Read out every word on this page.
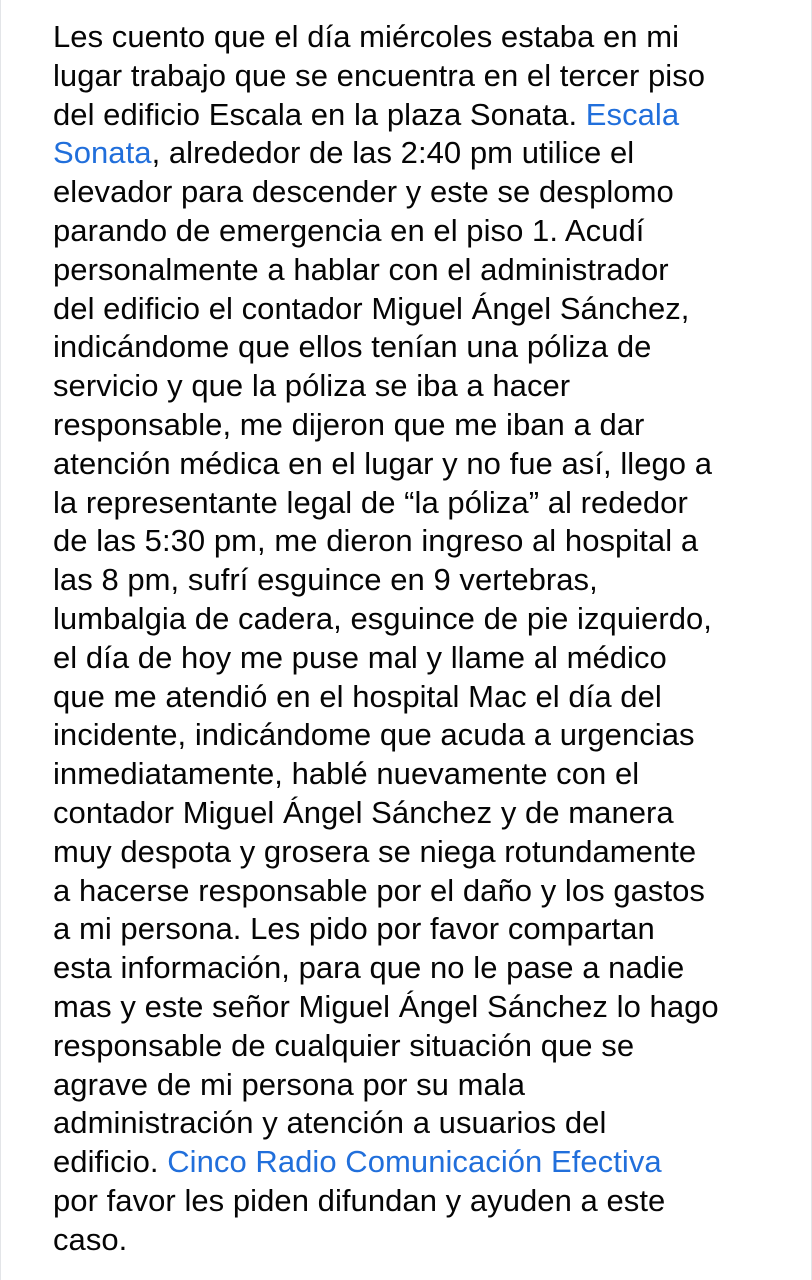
Les cuento que el día miércoles estaba en mi
lugar trabajo que se encuentra en el tercer piso
del edificio Escala en la plaza Sonata. Escala
Sonata, alrededor de las 2:40 pm utilice el
elevador para descender y este se desplomo
parando de emergencia en el piso 1. Acudí
personalmente a hablar con el administrador
del edificio el contador Miguel Ángel Sánchez,
indicándome que ellos tenían una póliza de
servicio y que la póliza se iba a hacer
responsable, me dijeron que me iban a dar
atención médica en el lugar y no fue así, llego a
la representante legal de “la póliza” al rededor
de las 5:30 pm, me dieron ingreso al hospital a
las 8 pm, sufrí esguince en 9 vertebras,
lumbalgia de cadera, esguince de pie izquierdo,
el día de hoy me puse mal y llame al médico
que me atendió en el hospital Mac el día del
incidente, indicándome que acuda a urgencias
inmediatamente, hablé nuevamente con el
contador Miguel Ángel Sánchez y de manera
muy despota y grosera se niega rotundamente
a hacerse responsable por el daño y los gastos
a mi persona. Les pido por favor compartan
esta información, para que no le pase a nadie
mas y este señor Miguel Ángel Sánchez lo hago
responsable de cualquier situación que se
agrave de mi persona por su mala
administración y atención a usuarios del
edificio. Cinco Radio Comunicación Efectiva
por favor les piden difundan y ayuden a este
caso.
